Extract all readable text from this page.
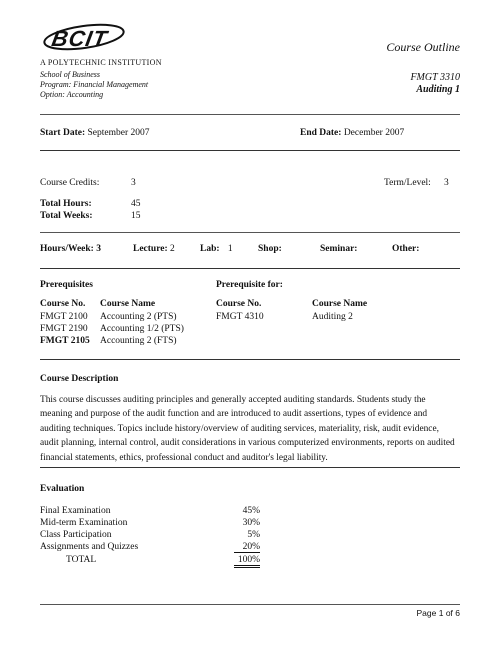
BCIT
A POLYTECHNIC INSTITUTION
School of Business
Program: Financial Management
Option: Accounting
Course Outline
FMGT 3310
Auditing 1
Start Date: September 2007	End Date: December 2007
Course Credits:	3	Term/Level: 3
Total Hours:	45
Total Weeks:	15
Hours/Week: 3	Lecture: 2	Lab: 1	Shop:	Seminar:	Other:
Prerequisites	Prerequisite for:
Course No. Course Name	Course No.	Course Name
FMGT 2100 Accounting 2 (PTS)
FMGT 2190 Accounting 1/2 (PTS)
FMGT 2105 Accounting 2 (FTS)
FMGT 4310	Auditing 2
Course Description
This course discusses auditing principles and generally accepted auditing standards. Students study the meaning and purpose of the audit function and are introduced to audit assertions, types of evidence and auditing techniques. Topics include history/overview of auditing services, materiality, risk, audit evidence, audit planning, internal control, audit considerations in various computerized environments, reports on audited financial statements, ethics, professional conduct and auditor's legal liability.
Evaluation
Final Examination	45%
Mid-term Examination	30%
Class Participation	5%
Assignments and Quizzes	20%
TOTAL	100%
Page 1 of 6
